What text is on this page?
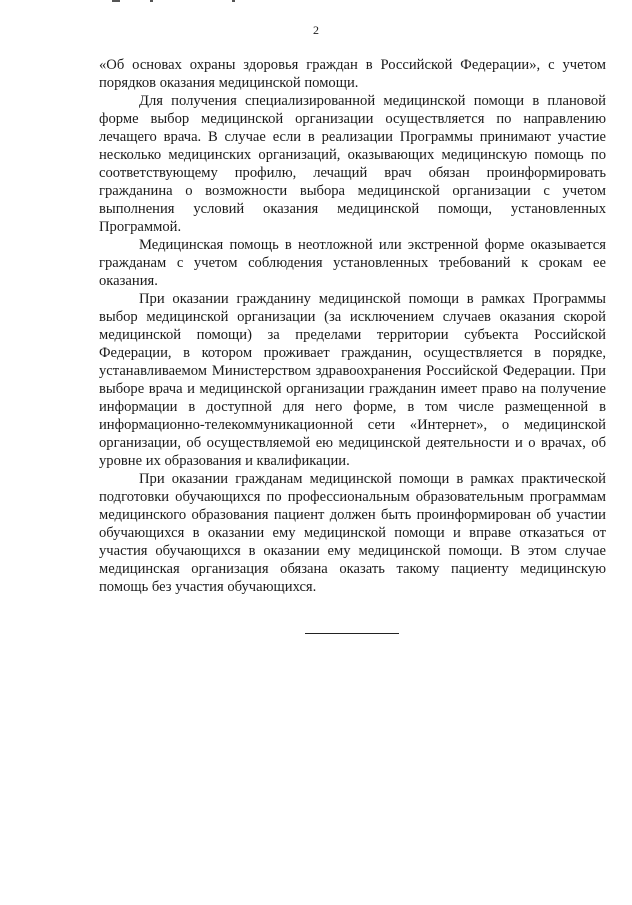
2

«Об основах охраны здоровья граждан в Российской Федерации», с учетом порядков оказания медицинской помощи.

Для получения специализированной медицинской помощи в плановой форме выбор медицинской организации осуществляется по направлению лечащего врача. В случае если в реализации Программы принимают участие несколько медицинских организаций, оказывающих медицинскую помощь по соответствующему профилю, лечащий врач обязан проинформировать гражданина о возможности выбора медицинской организации с учетом выполнения условий оказания медицинской помощи, установленных Программой.

Медицинская помощь в неотложной или экстренной форме оказывается гражданам с учетом соблюдения установленных требований к срокам ее оказания.

При оказании гражданину медицинской помощи в рамках Программы выбор медицинской организации (за исключением случаев оказания скорой медицинской помощи) за пределами территории субъекта Российской Федерации, в котором проживает гражданин, осуществляется в порядке, устанавливаемом Министерством здравоохранения Российской Федерации. При выборе врача и медицинской организации гражданин имеет право на получение информации в доступной для него форме, в том числе размещенной в информационно-телекоммуникационной сети «Интернет», о медицинской организации, об осуществляемой ею медицинской деятельности и о врачах, об уровне их образования и квалификации.

При оказании гражданам медицинской помощи в рамках практической подготовки обучающихся по профессиональным образовательным программам медицинского образования пациент должен быть проинформирован об участии обучающихся в оказании ему медицинской помощи и вправе отказаться от участия обучающихся в оказании ему медицинской помощи. В этом случае медицинская организация обязана оказать такому пациенту медицинскую помощь без участия обучающихся.
